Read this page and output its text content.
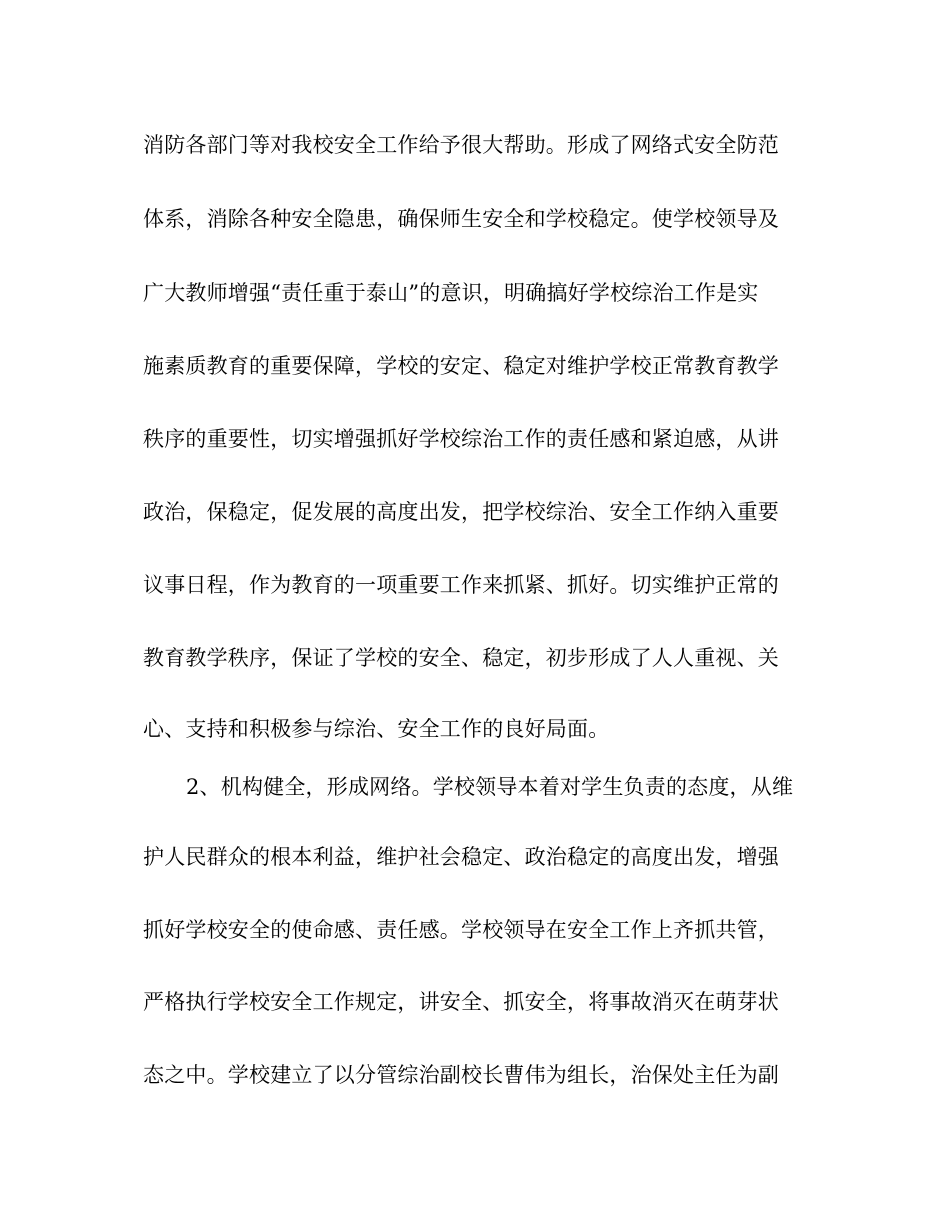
消防各部门等对我校安全工作给予很大帮助。形成了网络式安全防范
体系，消除各种安全隐患，确保师生安全和学校稳定。使学校领导及
广大教师增强“责任重于泰山”的意识，明确搞好学校综治工作是实
施素质教育的重要保障，学校的安定、稳定对维护学校正常教育教学
秩序的重要性，切实增强抓好学校综治工作的责任感和紧迫感，从讲
政治，保稳定，促发展的高度出发，把学校综治、安全工作纳入重要
议事日程，作为教育的一项重要工作来抓紧、抓好。切实维护正常的
教育教学秩序，保证了学校的安全、稳定，初步形成了人人重视、关
心、支持和积极参与综治、安全工作的良好局面。
2、机构健全，形成网络。学校领导本着对学生负责的态度，从维
护人民群众的根本利益，维护社会稳定、政治稳定的高度出发，增强
抓好学校安全的使命感、责任感。学校领导在安全工作上齐抓共管，
严格执行学校安全工作规定，讲安全、抓安全，将事故消灭在萌芽状
态之中。学校建立了以分管综治副校长曹伟为组长，治保处主任为副
